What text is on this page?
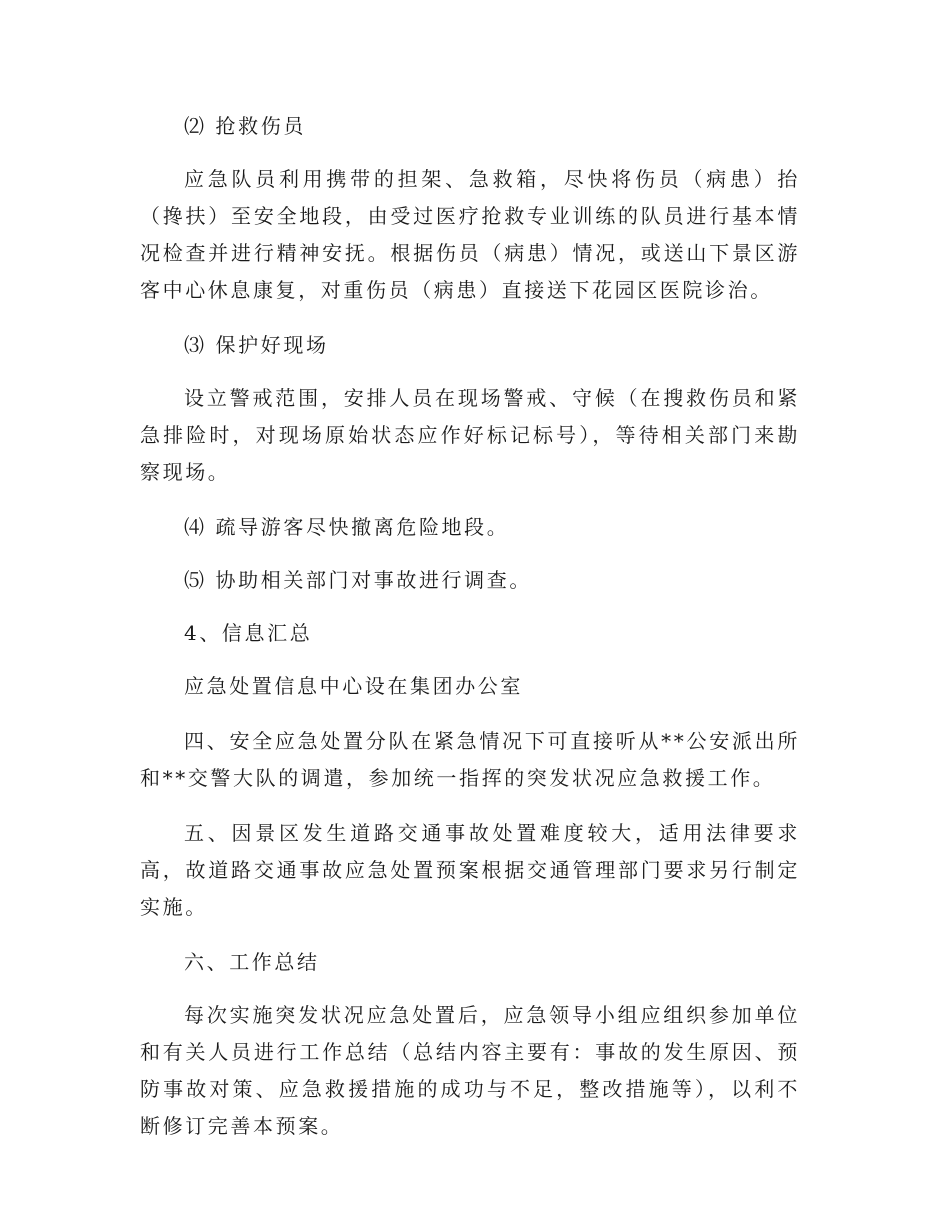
⑵ 抢救伤员

应急队员利用携带的担架、急救箱，尽快将伤员（病患）抬（搀扶）至安全地段，由受过医疗抢救专业训练的队员进行基本情况检查并进行精神安抚。根据伤员（病患）情况，或送山下景区游客中心休息康复，对重伤员（病患）直接送下花园区医院诊治。

⑶ 保护好现场

设立警戒范围，安排人员在现场警戒、守候（在搜救伤员和紧急排险时，对现场原始状态应作好标记标号），等待相关部门来勘察现场。

⑷ 疏导游客尽快撤离危险地段。

⑸ 协助相关部门对事故进行调查。

4、信息汇总

应急处置信息中心设在集团办公室

四、安全应急处置分队在紧急情况下可直接听从**公安派出所和**交警大队的调遣，参加统一指挥的突发状况应急救援工作。

五、因景区发生道路交通事故处置难度较大，适用法律要求高，故道路交通事故应急处置预案根据交通管理部门要求另行制定实施。

六、工作总结

每次实施突发状况应急处置后，应急领导小组应组织参加单位和有关人员进行工作总结（总结内容主要有：事故的发生原因、预防事故对策、应急救援措施的成功与不足，整改措施等），以利不断修订完善本预案。
